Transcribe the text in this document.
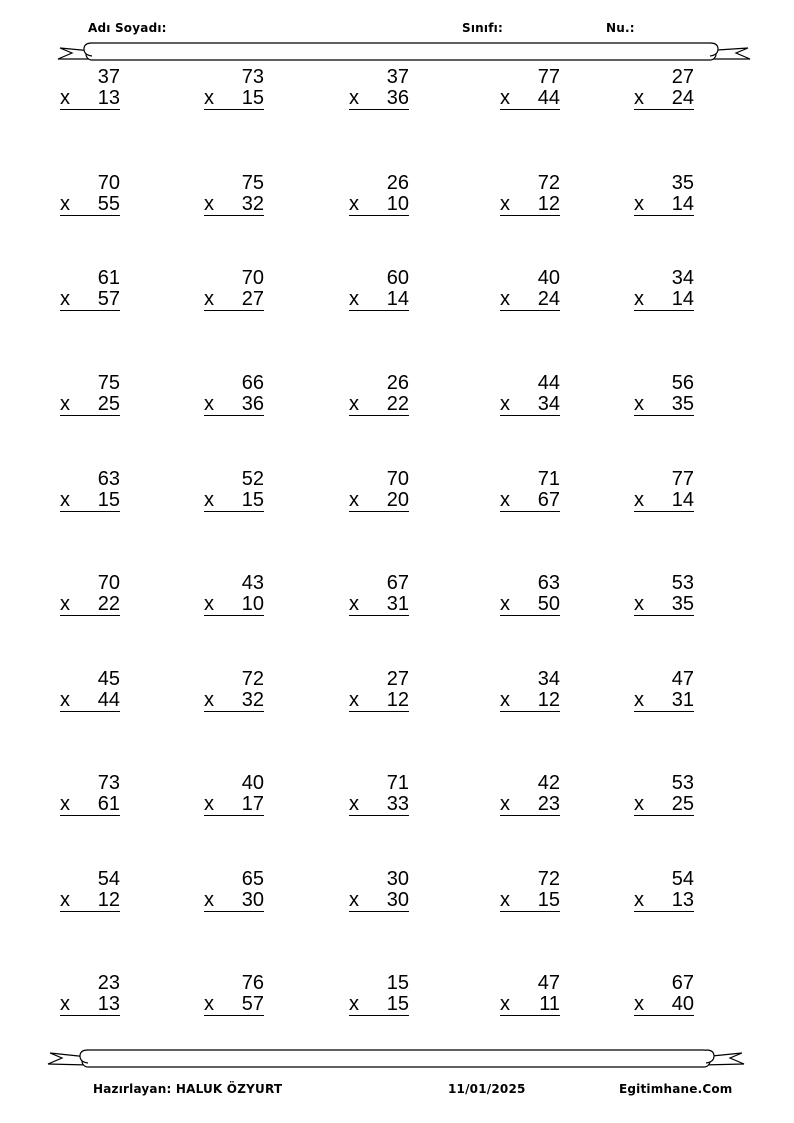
Adı Soyadı:	Sınıfı:	Nu.:
37
x 13
73
x 15
37
x 36
77
x 44
27
x 24
70
x 55
75
x 32
26
x 10
72
x 12
35
x 14
61
x 57
70
x 27
60
x 14
40
x 24
34
x 14
75
x 25
66
x 36
26
x 22
44
x 34
56
x 35
63
x 15
52
x 15
70
x 20
71
x 67
77
x 14
70
x 22
43
x 10
67
x 31
63
x 50
53
x 35
45
x 44
72
x 32
27
x 12
34
x 12
47
x 31
73
x 61
40
x 17
71
x 33
42
x 23
53
x 25
54
x 12
65
x 30
30
x 30
72
x 15
54
x 13
23
x 13
76
x 57
15
x 15
47
x 11
67
x 40
Hazırlayan: HALUK ÖZYURT	11/01/2025	Egitimhane.Com
